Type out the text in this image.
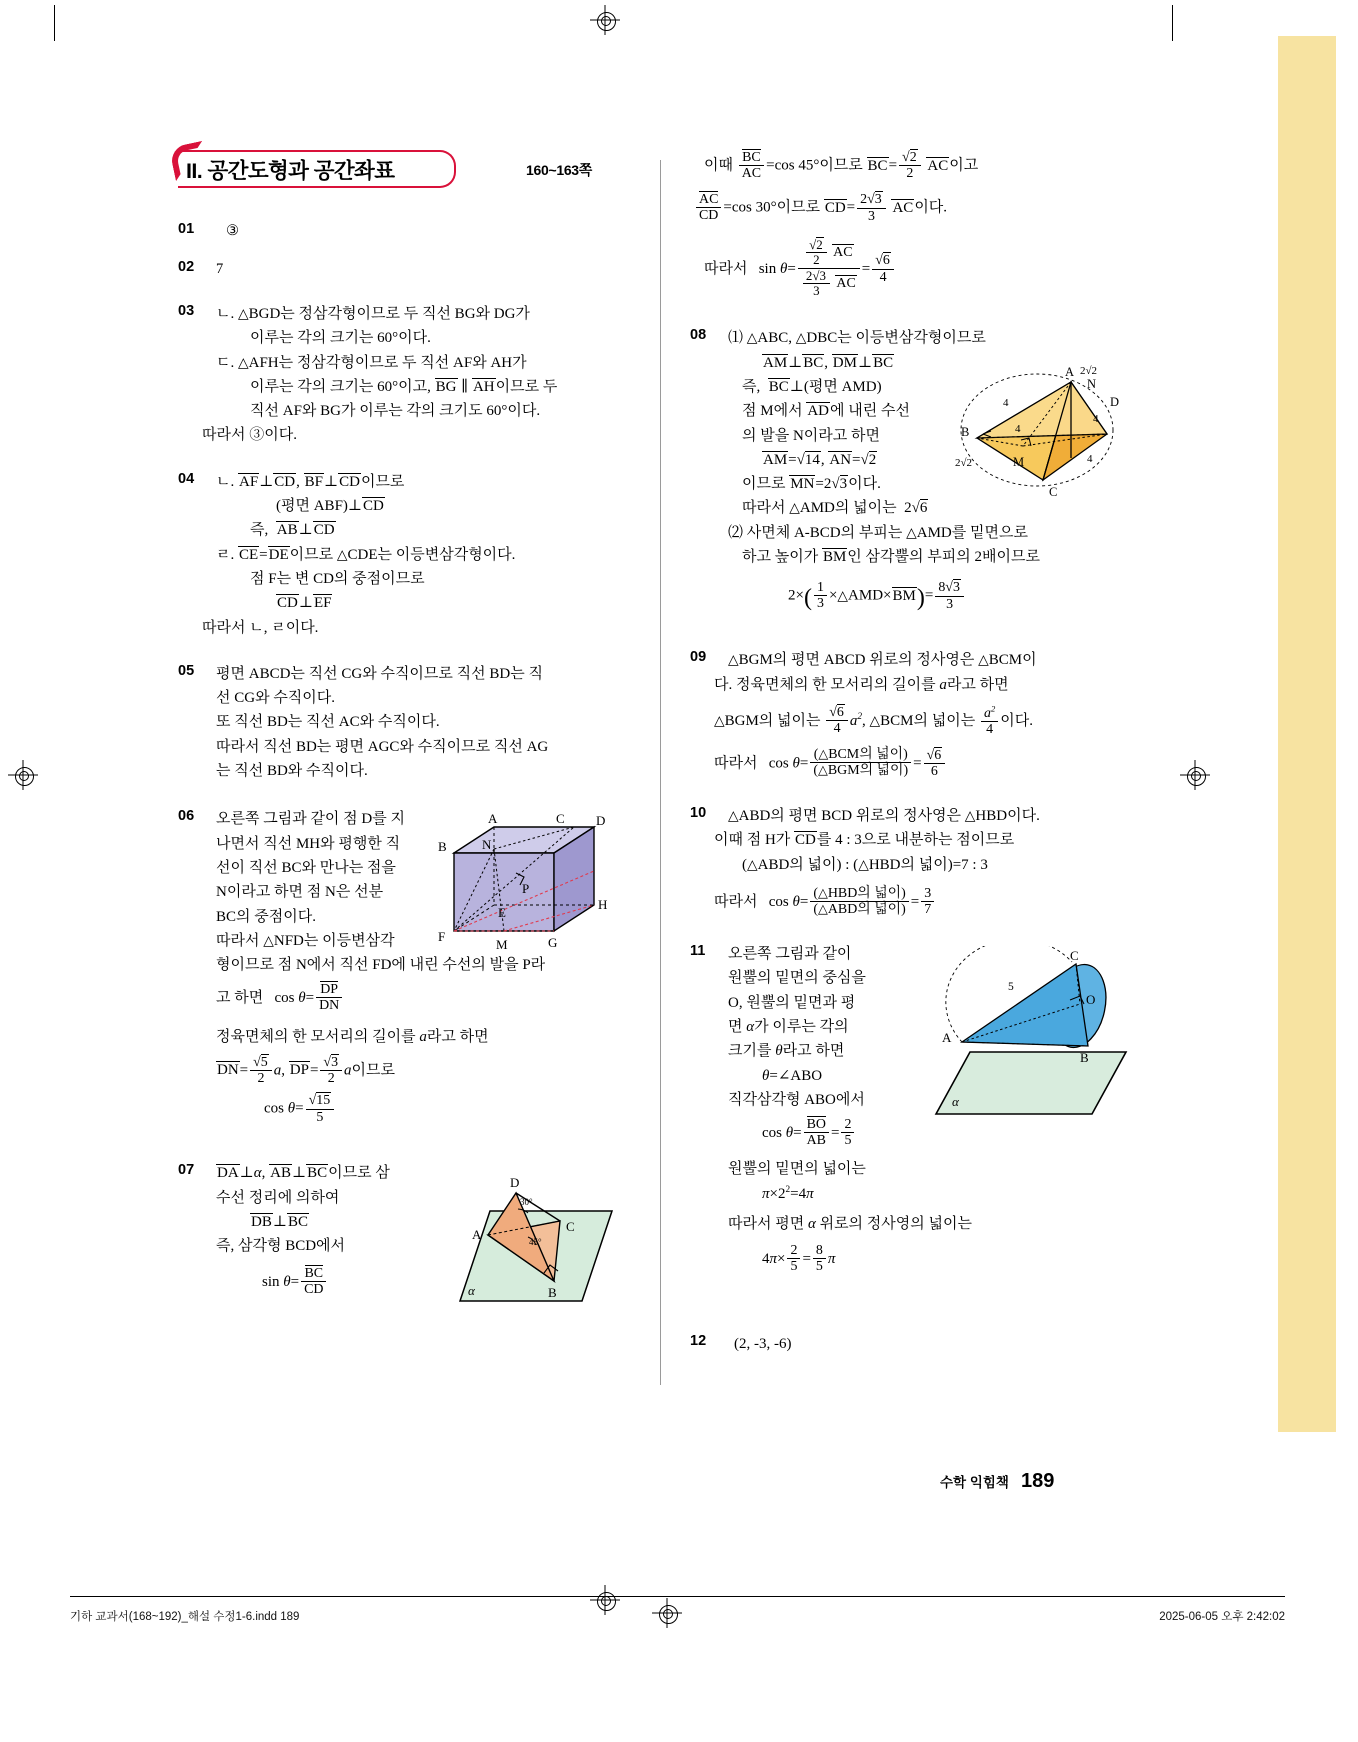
II. 공간도형과 공간좌표	160~163쪽
01	③
02	7
03	ㄴ. △ BGD는 정삼각형이므로 두 직선 BG와 DG가
이루는 각의 크기는 60°이다.
ㄷ. △ AFH는 정삼각형이므로 두 직선 AF와 AH가
이루는 각의 크기는 60°이고, BG ∥ AH이므로 두
직선 AF와 BG가 이루는 각의 크기도 60°이다.
따라서 ③이다.
04	ㄴ. AF⊥CD, BF⊥CD이므로
(평면 ABF)⊥CD
즉,  AB⊥CD
ㄹ. CE=DE이므로 △ CDE는 이등변삼각형이다.
점 F는 변 CD의 중점이므로
CD⊥EF
따라서 ㄴ, ㄹ이다.
05	평면 ABCD는 직선 CG와 수직이므로 직선 BD는 직
선 CG와 수직이다.
또 직선 BD는 직선 AC와 수직이다.
따라서 직선 BD는 평면 AGC와 수직이므로 직선 AG
는 직선 BD와 수직이다.
06	A	C D
B	N
P
H
E
F
M	G
오른쪽 그림과 같이 점 D를 지
나면서 직선 MH와 평행한 직
선이 직선 BC와 만나는 점을
N이라고 하면 점 N은 선분
BC의 중점이다.
따라서 △ NFD는 이등변삼각
형이므로 점 N에서 직선 FD에 내린 수선의 발을 P라
고 하면   $\cos \theta= \frac{DP}{DN}$
정육면체의 한 모서리의 길이를 a라고 하면
$DN= \frac{√5}{2} a$, $DP= \frac{√3}{2}$ a이므로
$\cos \theta= \frac{√15}{5}$
07
D
A
B
C
α
30°
45°
DA⊥α, AB⊥BC이므로 삼
수선 정리에 의하여
DB⊥BC
즉, 삼각형 BCD에서
$\sin \theta= \frac{BC}{CD}$
이때 $\frac{BC}{AC} =\cos$ 45°이므로 $BC= \frac{√2}{2}$ AC이고
$\frac{AC}{CD} =\cos$ 30°이므로 $CD= \frac{2√3}{3}$ AC이다.
따라서   $\sin \theta= \frac{\frac{√2}{2} AC}{\frac{2√3}{3} AC} = \frac{√6}{4}$
08
A 2√2
N
D
B
2√2	M
C
4
4
4
4
⑴ △ ABC, △ DBC는 이등변삼각형이므로
AM⊥BC, DM⊥BC
즉,  BC⊥(평면 AMD)
점 M에서 AD에 내린 수선
의 발을 N이라고 하면
AM=√14, AN=√2
이므로 MN=2√3이다.
따라서 △ AMD의 넓이는  2√6
⑵ 사면체 A-BCD의 부피는 △ AMD를 밑면으로
하고 높이가 BM인 삼각뿔의 부피의 2배이므로
$2\times( \frac{1}{3}$ × △ $AMD\times BM)= \frac{8√3}{3}$
09 △	BGM의 평면 ABCD 위로의 정사영은 △ BCM이
다. 정육면체의 한 모서리의 길이를 a라고 하면
△ BGM의 넓이는 $\frac{√6}{4} a^2$, △ BCM의 넓이는 $\frac{a^2}{4}$ 이다.
따라서   $\cos \theta= \frac{\text{( △ BCM의 넓이)}}{\text{( △ BGM의 넓이)}} = \frac{√6}{6}$
10 △	ABD의 평면 BCD 위로의 정사영은 △ HBD이다.
이때 점 H가 CD를 4 : 3으로 내분하는 점이므로
( △ ABD의 넓이) : ( △ HBD의 넓이)=7 : 3
따라서   $\cos \theta= \frac{\text{( △ HBD의 넓이)}}{\text{( △ ABD의 넓이)}} = \frac{3}{7}$
11	C
O
A
B
α
5
오른쪽 그림과 같이
원뿔의 밑면의 중심을
O, 원뿔의 밑면과 평
면 α가 이루는 각의
크기를 θ라고 하면
θ=∠ABO
직각삼각형 ABO에서
$\cos \theta= \frac{BO}{AB} = \frac{2}{5}$
원뿔의 밑면의 넓이는
$\pi\times 2^2=4\pi$
따라서 평면 α 위로의 정사영의 넓이는
$4\pi\times \frac{2}{5} = \frac{8}{5}$ π
12	(2, -3, -6)
수학 익힘책 189
기하 교과서(168~192)_해설 수정1-6.indd 189	2025-06-05 오후 2:42:02
